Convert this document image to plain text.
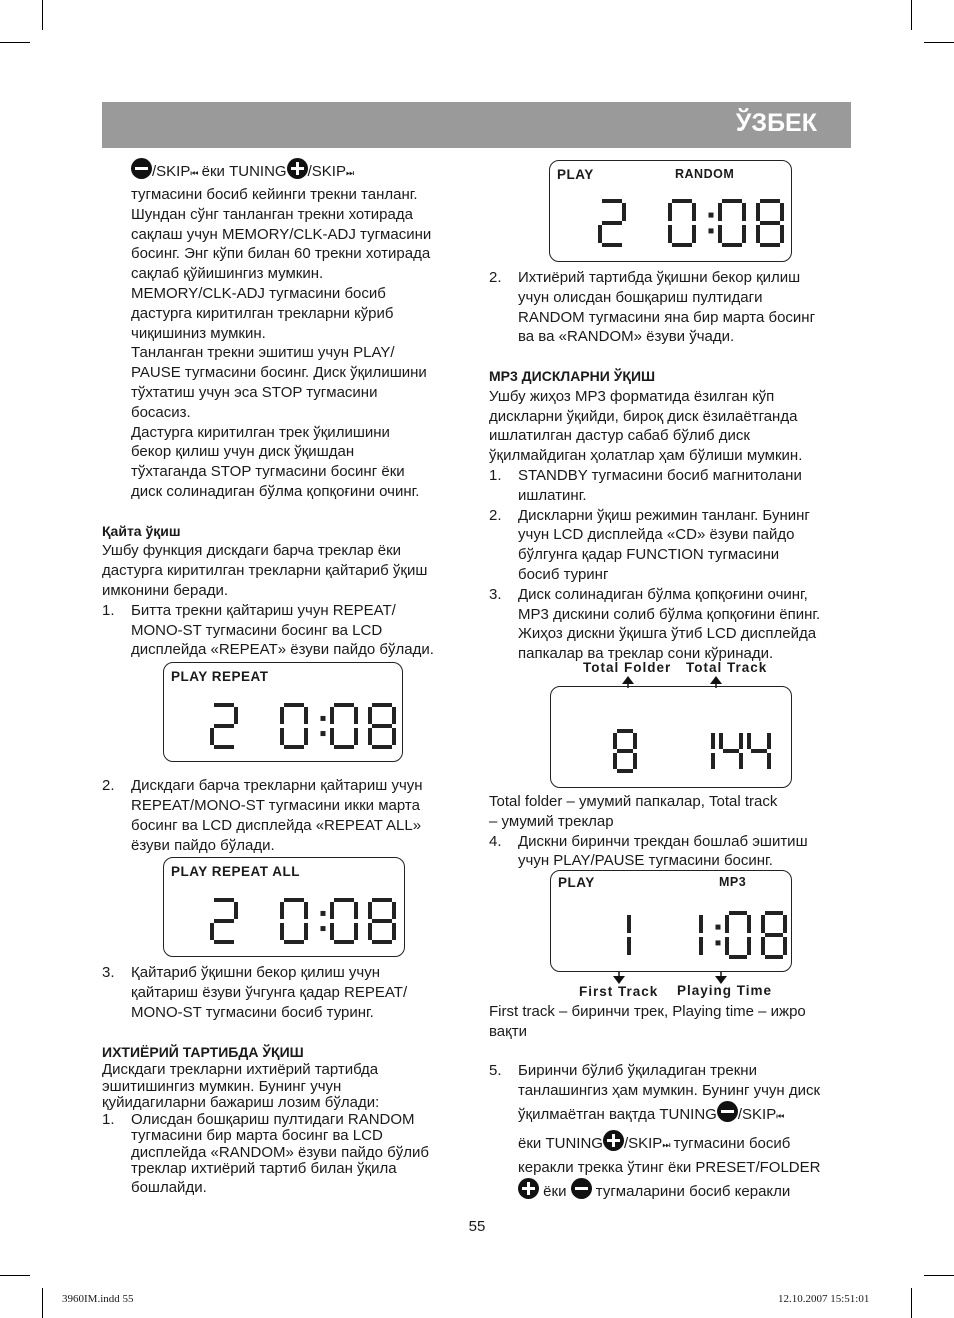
ЎЗБЕК

/SKIP⏮ ёки TUNING /SKIP⏭

тугмасини босиб кейинги трекни танланг.

Шундан сўнг танланган трекни хотирада

сақлаш учун MEMORY/CLK-ADJ тугмасини

босинг. Энг кўпи билан 60 трекни хотирада

сақлаб қўйишингиз мумкин.

MEMORY/CLK-ADJ тугмасини босиб

дастурга киритилган трекларни кўриб

чиқишиниз мумкин.

Танланган трекни эшитиш учун PLAY/

PAUSE тугмасини босинг. Диск ўқилишини

тўхтатиш учун эса STOP тугмасини

босасиз.

Дастурга киритилган трек ўқилишини

бекор қилиш учун диск ўқишдан

тўхтаганда STOP тугмасини босинг ёки

диск солинадиган бўлма қопқоғини очинг.

Қайта ўқиш

Ушбу функция дискдаги барча треклар ёки

дастурга киритилган трекларни қайтариб ўқиш

имконини беради.

1. Битта трекни қайтариш учун REPEAT/

MONO-ST тугмасини босинг ва LCD

дисплейда «REPEAT» ёзуви пайдо бўлади.

PLAY REPEAT
2. Дискдаги барча трекларни қайтариш учун

REPEAT/MONO-ST тугмасини икки марта

босинг ва LCD дисплейда «REPEAT ALL»

ёзуви пайдо бўлади.

PLAY REPEAT ALL
3. Қайтариб ўқишни бекор қилиш учун

қайтариш ёзуви ўчгунга қадар REPEAT/

MONO-ST тугмасини босиб туринг.

ИХТИЁРИЙ ТАРТИБДА ЎҚИШ

Дискдаги трекларни ихтиёрий тартибда

эшитишингиз мумкин. Бунинг учун

қуйидагиларни бажариш лозим бўлади:

1. Олисдан бошқариш пултидаги RANDOM

тугмасини бир марта босинг ва LCD

дисплейда «RANDOM» ёзуви пайдо бўлиб

треклар ихтиёрий тартиб билан ўқила

бошлайди.

PLAY	RANDOM
2. Ихтиёрий тартибда ўқишни бекор қилиш

учун олисдан бошқариш пултидаги

RANDOM тугмасини яна бир марта босинг

ва ва «RANDOM» ёзуви ўчади.

MP3 ДИСКЛАРНИ ЎҚИШ

Ушбу жиҳоз MP3 форматида ёзилган кўп

дискларни ўқийди, бироқ диск ёзилаётганда

ишлатилган дастур сабаб бўлиб диск

ўқилмайдиган ҳолатлар ҳам бўлиши мумкин.

1. STANDBY тугмасини босиб магнитолани

ишлатинг.

2. Дискларни ўқиш режимин танланг. Бунинг

учун LCD дисплейда «CD» ёзуви пайдо

бўлгунга қадар FUNCTION тугмасини

босиб туринг

3. Диск солинадиган бўлма қопқоғини очинг,

MP3 дискини солиб бўлма қопқоғини ёпинг.

Жиҳоз дискни ўқишга ўтиб LCD дисплейда

папкалар ва треклар сони кўринади.

Total Folder Total Track

Total folder – умумий папкалар, Total track

– умумий треклар

4. Дискни биринчи трекдан бошлаб эшитиш

учун PLAY/PAUSE тугмасини босинг.

PLAY	MP3
First Track Playing Time

First track – биринчи трек, Playing time – ижро

вақти

5. Биринчи бўлиб ўқиладиган трекни

танлашингиз ҳам мумкин. Бунинг учун диск

ўқилмаётган вақтда TUNING /SKIP⏮

ёки TUNING /SKIP⏭ тугмасини босиб

керакли трекка ўтинг ёки PRESET/FOLDER

ёки  тугмаларини босиб керакли

55
3960IM.indd 55	12.10.2007 15:51:01
